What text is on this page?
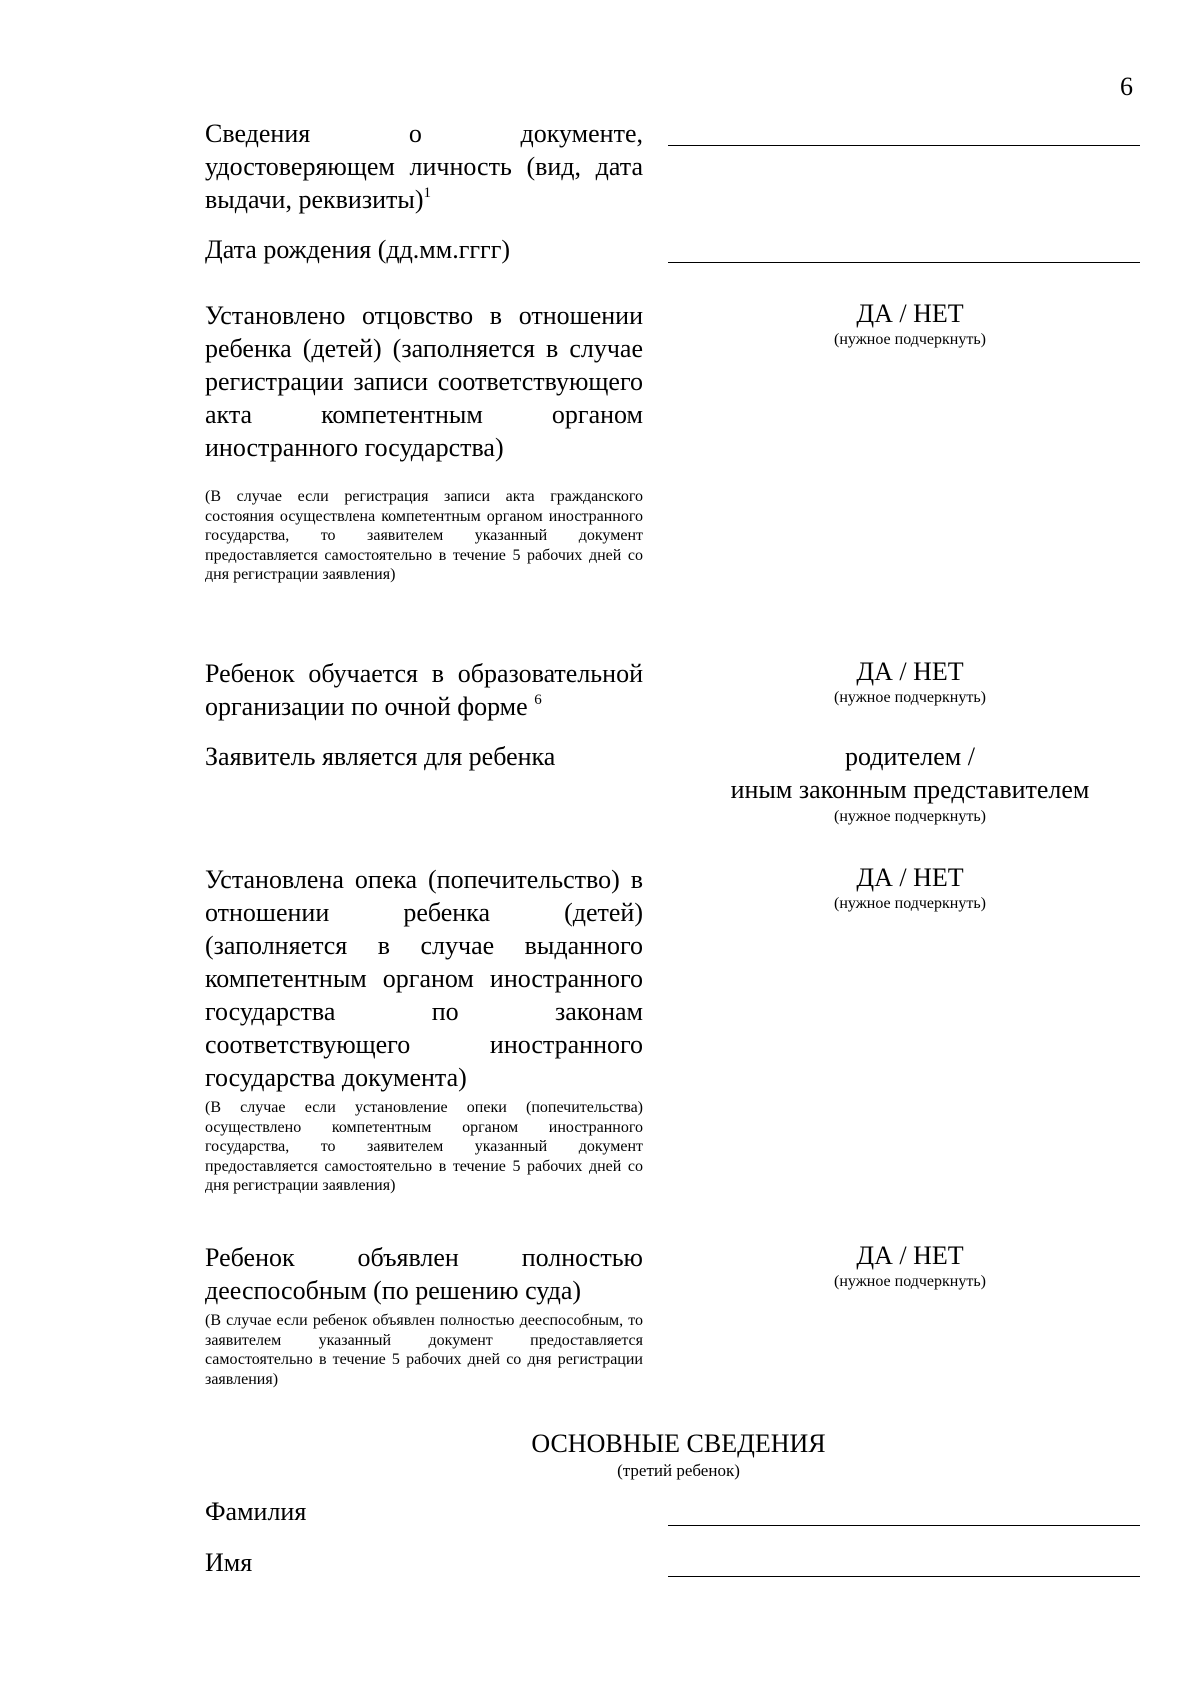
6
Сведения о документе, удостоверяющем личность (вид, дата выдачи, реквизиты)$^1$
Дата рождения (дд.мм.гггг)
Установлено отцовство в отношении ребенка (детей) (заполняется в случае регистрации записи соответствующего акта компетентным органом иностранного государства)
(В случае если регистрация записи акта гражданского состояния осуществлена компетентным органом иностранного государства, то заявителем указанный документ предоставляется самостоятельно в течение 5 рабочих дней со дня регистрации заявления)
ДА / НЕТ
(нужное подчеркнуть)
Ребенок обучается в образовательной организации по очной форме $^6$
ДА / НЕТ
(нужное подчеркнуть)
Заявитель является для ребенка	родителем /
иным законным представителем
(нужное подчеркнуть)
Установлена опека (попечительство) в отношении ребенка (детей) (заполняется в случае выданного компетентным органом иностранного государства по законам соответствующего иностранного государства документа)
(В случае если установление опеки (попечительства) осуществлено компетентным органом иностранного государства, то заявителем указанный документ предоставляется самостоятельно в течение 5 рабочих дней со дня регистрации заявления)
ДА / НЕТ
(нужное подчеркнуть)
Ребенок объявлен полностью дееспособным (по решению суда)
(В случае если ребенок объявлен полностью дееспособным, то заявителем указанный документ предоставляется самостоятельно в течение 5 рабочих дней со дня регистрации заявления)
ДА / НЕТ
(нужное подчеркнуть)
ОСНОВНЫЕ СВЕДЕНИЯ
(третий ребенок)
Фамилия
Имя
